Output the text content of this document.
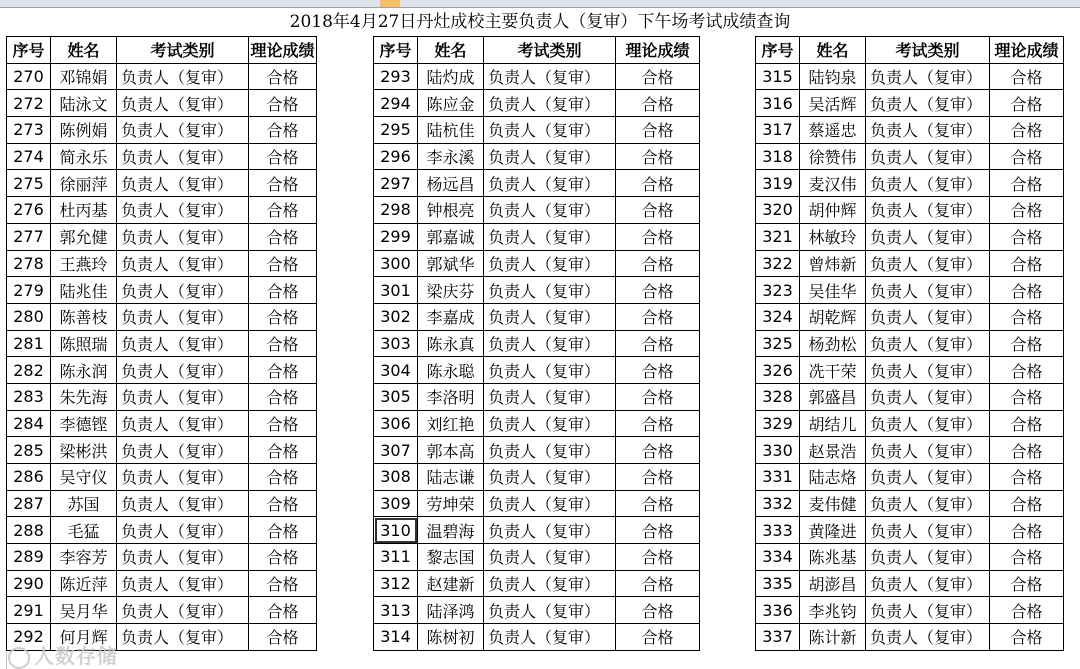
2018年4月27日丹灶成校主要负责人（复审）下午场考试成绩查询
序号	姓名	考试类别	理论成绩
270	邓锦娟	负责人（复审）	合格
272	陆泳文	负责人（复审）	合格
273	陈例娟	负责人（复审）	合格
274	简永乐	负责人（复审）	合格
275	徐丽萍	负责人（复审）	合格
276	杜丙基	负责人（复审）	合格
277	郭允健	负责人（复审）	合格
278	王燕玲	负责人（复审）	合格
279	陆兆佳	负责人（复审）	合格
280	陈善枝	负责人（复审）	合格
281	陈照瑞	负责人（复审）	合格
282	陈永润	负责人（复审）	合格
283	朱先海	负责人（复审）	合格
284	李德铿	负责人（复审）	合格
285	梁彬洪	负责人（复审）	合格
286	吴守仪	负责人（复审）	合格
287	苏国	负责人（复审）	合格
288	毛猛	负责人（复审）	合格
289	李容芳	负责人（复审）	合格
290	陈近萍	负责人（复审）	合格
291	吴月华	负责人（复审）	合格
292	何月辉	负责人（复审）	合格
序号	姓名	考试类别	理论成绩
293	陆灼成	负责人（复审）	合格
294	陈应金	负责人（复审）	合格
295	陆杭佳	负责人（复审）	合格
296	李永溪	负责人（复审）	合格
297	杨远昌	负责人（复审）	合格
298	钟根亮	负责人（复审）	合格
299	郭嘉诚	负责人（复审）	合格
300	郭斌华	负责人（复审）	合格
301	梁庆芬	负责人（复审）	合格
302	李嘉成	负责人（复审）	合格
303	陈永真	负责人（复审）	合格
304	陈永聪	负责人（复审）	合格
305	李洛明	负责人（复审）	合格
306	刘红艳	负责人（复审）	合格
307	郭本高	负责人（复审）	合格
308	陆志谦	负责人（复审）	合格
309	劳坤荣	负责人（复审）	合格
310	温碧海	负责人（复审）	合格
311	黎志国	负责人（复审）	合格
312	赵建新	负责人（复审）	合格
313	陆泽鸿	负责人（复审）	合格
314	陈树初	负责人（复审）	合格
序号	姓名	考试类别	理论成绩
315	陆钧泉	负责人（复审）	合格
316	吴活辉	负责人（复审）	合格
317	蔡遥忠	负责人（复审）	合格
318	徐赞伟	负责人（复审）	合格
319	麦汉伟	负责人（复审）	合格
320	胡仲辉	负责人（复审）	合格
321	林敏玲	负责人（复审）	合格
322	曾炜新	负责人（复审）	合格
323	吴佳华	负责人（复审）	合格
324	胡乾辉	负责人（复审）	合格
325	杨劲松	负责人（复审）	合格
326	冼干荣	负责人（复审）	合格
328	郭盛昌	负责人（复审）	合格
329	胡结儿	负责人（复审）	合格
330	赵景浩	负责人（复审）	合格
331	陆志烙	负责人（复审）	合格
332	麦伟健	负责人（复审）	合格
333	黄隆进	负责人（复审）	合格
334	陈兆基	负责人（复审）	合格
335	胡澎昌	负责人（复审）	合格
336	李兆钧	负责人（复审）	合格
337	陈计新	负责人（复审）	合格
人数存储
